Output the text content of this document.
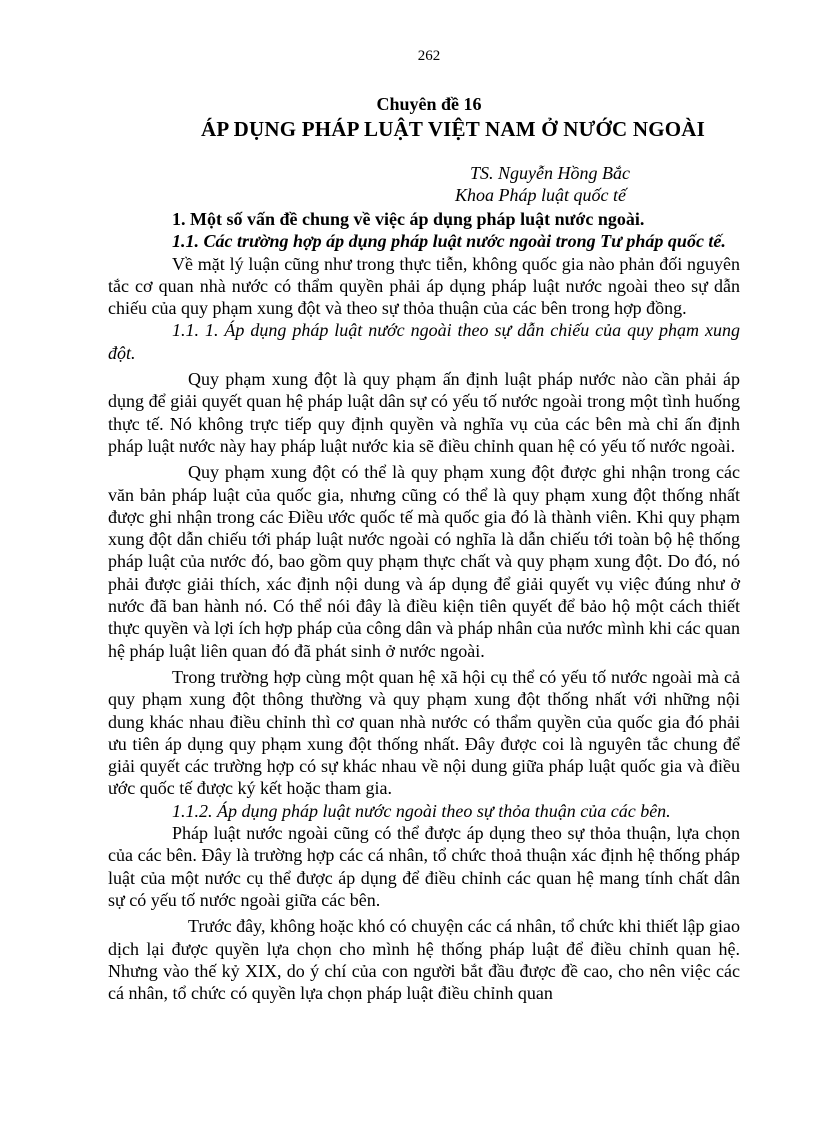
262
Chuyên đề 16
ÁP DỤNG PHÁP LUẬT VIỆT NAM Ở NƯỚC NGOÀI
TS. Nguyễn Hồng Bắc
Khoa Pháp luật quốc tế

1. Một số vấn đề chung về việc áp dụng pháp luật nước ngoài.

1.1. Các trường hợp áp dụng pháp luật nước ngoài trong Tư pháp quốc tế.

Về mặt lý luận cũng như trong thực tiễn, không quốc gia nào phản đối nguyên tắc cơ quan nhà nước có thẩm quyền phải áp dụng pháp luật nước ngoài theo sự dẫn chiếu của quy phạm xung đột và theo sự thỏa thuận của các bên trong hợp đồng.

1.1. 1. Áp dụng pháp luật nước ngoài theo sự dẫn chiếu của quy phạm xung đột.

Quy phạm xung đột là quy phạm ấn định luật pháp nước nào cần phải áp dụng để giải quyết quan hệ pháp luật dân sự có yếu tố nước ngoài trong một tình huống thực tế. Nó không trực tiếp quy định quyền và nghĩa vụ của các bên mà chỉ ấn định pháp luật nước này hay pháp luật nước kia sẽ điều chỉnh quan hệ có yếu tố nước ngoài.

Quy phạm xung đột có thể là quy phạm xung đột được ghi nhận trong các văn bản pháp luật của quốc gia, nhưng cũng có thể là quy phạm xung đột thống nhất được ghi nhận trong các Điều ước quốc tế mà quốc gia đó là thành viên. Khi quy phạm xung đột dẫn chiếu tới pháp luật nước ngoài có nghĩa là dẫn chiếu tới toàn bộ hệ thống pháp luật của nước đó, bao gồm quy phạm thực chất và quy phạm xung đột. Do đó, nó phải được giải thích, xác định nội dung và áp dụng để giải quyết vụ việc đúng như ở nước đã ban hành nó. Có thể nói đây là điều kiện tiên quyết để bảo hộ một cách thiết thực quyền và lợi ích hợp pháp của công dân và pháp nhân của nước mình khi các quan hệ pháp luật liên quan đó đã phát sinh ở nước ngoài.

Trong trường hợp cùng một quan hệ xã hội cụ thể có yếu tố nước ngoài mà cả quy phạm xung đột thông thường và quy phạm xung đột thống nhất với những nội dung khác nhau điều chỉnh thì cơ quan nhà nước có thẩm quyền của quốc gia đó phải ưu tiên áp dụng quy phạm xung đột thống nhất. Đây được coi là nguyên tắc chung để giải quyết các trường hợp có sự khác nhau về nội dung giữa pháp luật quốc gia và điều ước quốc tế được ký kết hoặc tham gia.

1.1.2. Áp dụng pháp luật nước ngoài theo sự thỏa thuận của các bên.

Pháp luật nước ngoài cũng có thể được áp dụng theo sự thỏa thuận, lựa chọn của các bên. Đây là trường hợp các cá nhân, tổ chức thoả thuận xác định hệ thống pháp luật của một nước cụ thể được áp dụng để điều chỉnh các quan hệ mang tính chất dân sự có yếu tố nước ngoài giữa các bên.

Trước đây, không hoặc khó có chuyện các cá nhân, tổ chức khi thiết lập giao dịch lại được quyền lựa chọn cho mình hệ thống pháp luật để điều chỉnh quan hệ. Nhưng vào thế kỷ XIX, do ý chí của con người bắt đầu được đề cao, cho nên việc các cá nhân, tổ chức có quyền lựa chọn pháp luật điều chỉnh quan
